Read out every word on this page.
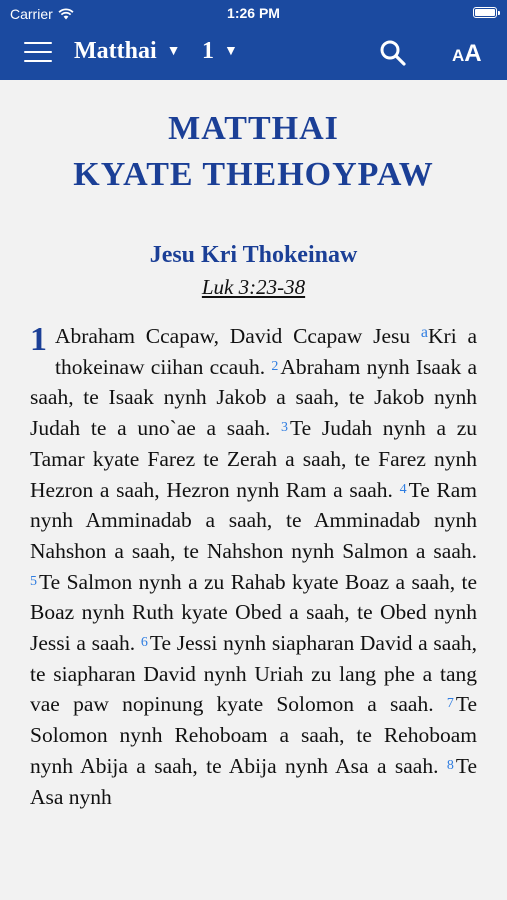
Carrier	1:26 PM
Matthai ▼ 1 ▼	AA
MATTHAI
KYATE THEHOYPAW
Jesu Kri Thokeinaw
Luk 3:23-38
1 Abraham Ccapaw, David Ccapaw Jesu $^a$Kri a thokeinaw ciihan ccauh. 2Abraham nynh Isaak a saah, te Isaak nynh Jakob a saah, te Jakob nynh Judah te a uno`ae a saah. 3Te Judah nynh a zu Tamar kyate Farez te Zerah a saah, te Farez nynh Hezron a saah, Hezron nynh Ram a saah. 4Te Ram nynh Amminadab a saah, te Amminadab nynh Nahshon a saah, te Nahshon nynh Salmon a saah. 5Te Salmon nynh a zu Rahab kyate Boaz a saah, te Boaz nynh Ruth kyate Obed a saah, te Obed nynh Jessi a saah. 6Te Jessi nynh siapharan David a saah, te siapharan David nynh Uriah zu lang phe a tang vae paw nopinung kyate Solomon a saah. 7Te Solomon nynh Rehoboam a saah, te Rehoboam nynh Abija a saah, te Abija nynh Asa a saah. 8Te Asa nynh
